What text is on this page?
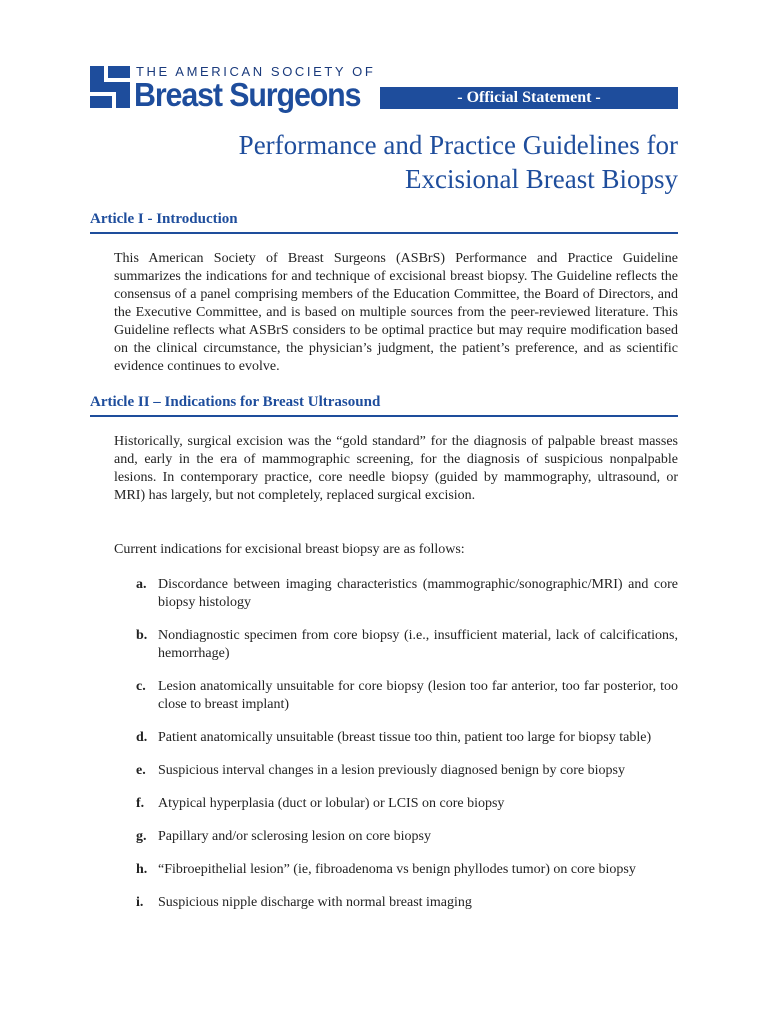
THE AMERICAN SOCIETY OF
Breast Surgeons	- Official Statement -
Performance and Practice Guidelines for
Excisional Breast Biopsy
Article I - Introduction

This American Society of Breast Surgeons (ASBrS) Performance and Practice Guideline summarizes the indications for and technique of excisional breast biopsy. The Guideline reflects the consensus of a panel comprising members of the Education Committee, the Board of Directors, and the Executive Committee, and is based on multiple sources from the peer-reviewed literature. This Guideline reflects what ASBrS considers to be optimal practice but may require modification based on the clinical circumstance, the physician’s judgment, the patient’s preference, and as scientific evidence continues to evolve.

Article II – Indications for Breast Ultrasound

Historically, surgical excision was the “gold standard” for the diagnosis of palpable breast masses and, early in the era of mammographic screening, for the diagnosis of suspicious nonpalpable lesions. In contemporary practice, core needle biopsy (guided by mammography, ultrasound, or MRI) has largely, but not completely, replaced surgical excision.

Current indications for excisional breast biopsy are as follows:

a. Discordance between imaging characteristics (mammographic/sonographic/MRI) and core biopsy histology
b. Nondiagnostic specimen from core biopsy (i.e., insufficient material, lack of calcifications, hemorrhage)
c. Lesion anatomically unsuitable for core biopsy (lesion too far anterior, too far posterior, too close to breast implant)
d. Patient anatomically unsuitable (breast tissue too thin, patient too large for biopsy table)
e. Suspicious interval changes in a lesion previously diagnosed benign by core biopsy
f. Atypical hyperplasia (duct or lobular) or LCIS on core biopsy
g. Papillary and/or sclerosing lesion on core biopsy
h. “Fibroepithelial lesion” (ie, fibroadenoma vs benign phyllodes tumor) on core biopsy
i. Suspicious nipple discharge with normal breast imaging
